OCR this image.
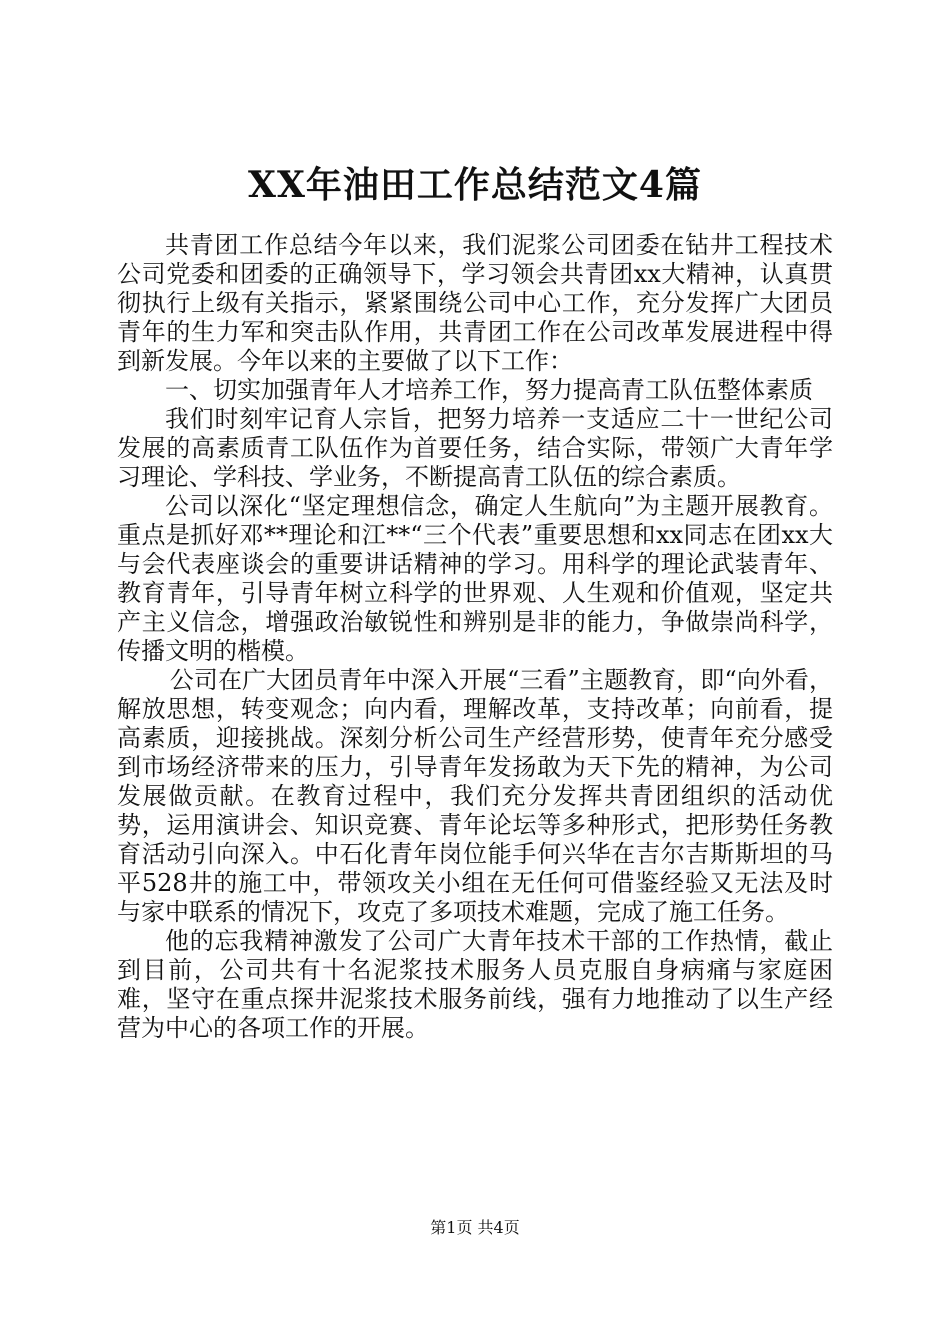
XX年油田工作总结范文4篇

共青团工作总结今年以来，我们泥浆公司团委在钻井工程技术公司党委和团委的正确领导下，学习领会共青团xx大精神，认真贯彻执行上级有关指示，紧紧围绕公司中心工作，充分发挥广大团员青年的生力军和突击队作用，共青团工作在公司改革发展进程中得到新发展。今年以来的主要做了以下工作：

一、切实加强青年人才培养工作，努力提高青工队伍整体素质

我们时刻牢记育人宗旨，把努力培养一支适应二十一世纪公司发展的高素质青工队伍作为首要任务，结合实际，带领广大青年学习理论、学科技、学业务，不断提高青工队伍的综合素质。

公司以深化“坚定理想信念，确定人生航向”为主题开展教育。重点是抓好邓**理论和江**“三个代表”重要思想和xx同志在团xx大与会代表座谈会的重要讲话精神的学习。用科学的理论武装青年、教育青年，引导青年树立科学的世界观、人生观和价值观，坚定共产主义信念，增强政治敏锐性和辨别是非的能力，争做崇尚科学，传播文明的楷模。

公司在广大团员青年中深入开展“三看”主题教育，即“向外看，解放思想，转变观念；向内看，理解改革，支持改革；向前看，提高素质，迎接挑战。深刻分析公司生产经营形势，使青年充分感受到市场经济带来的压力，引导青年发扬敢为天下先的精神，为公司发展做贡献。在教育过程中，我们充分发挥共青团组织的活动优势，运用演讲会、知识竞赛、青年论坛等多种形式，把形势任务教育活动引向深入。中石化青年岗位能手何兴华在吉尔吉斯斯坦的马平528井的施工中，带领攻关小组在无任何可借鉴经验又无法及时与家中联系的情况下，攻克了多项技术难题，完成了施工任务。

他的忘我精神激发了公司广大青年技术干部的工作热情，截止到目前，公司共有十名泥浆技术服务人员克服自身病痛与家庭困难，坚守在重点探井泥浆技术服务前线，强有力地推动了以生产经营为中心的各项工作的开展。

第1页 共4页
